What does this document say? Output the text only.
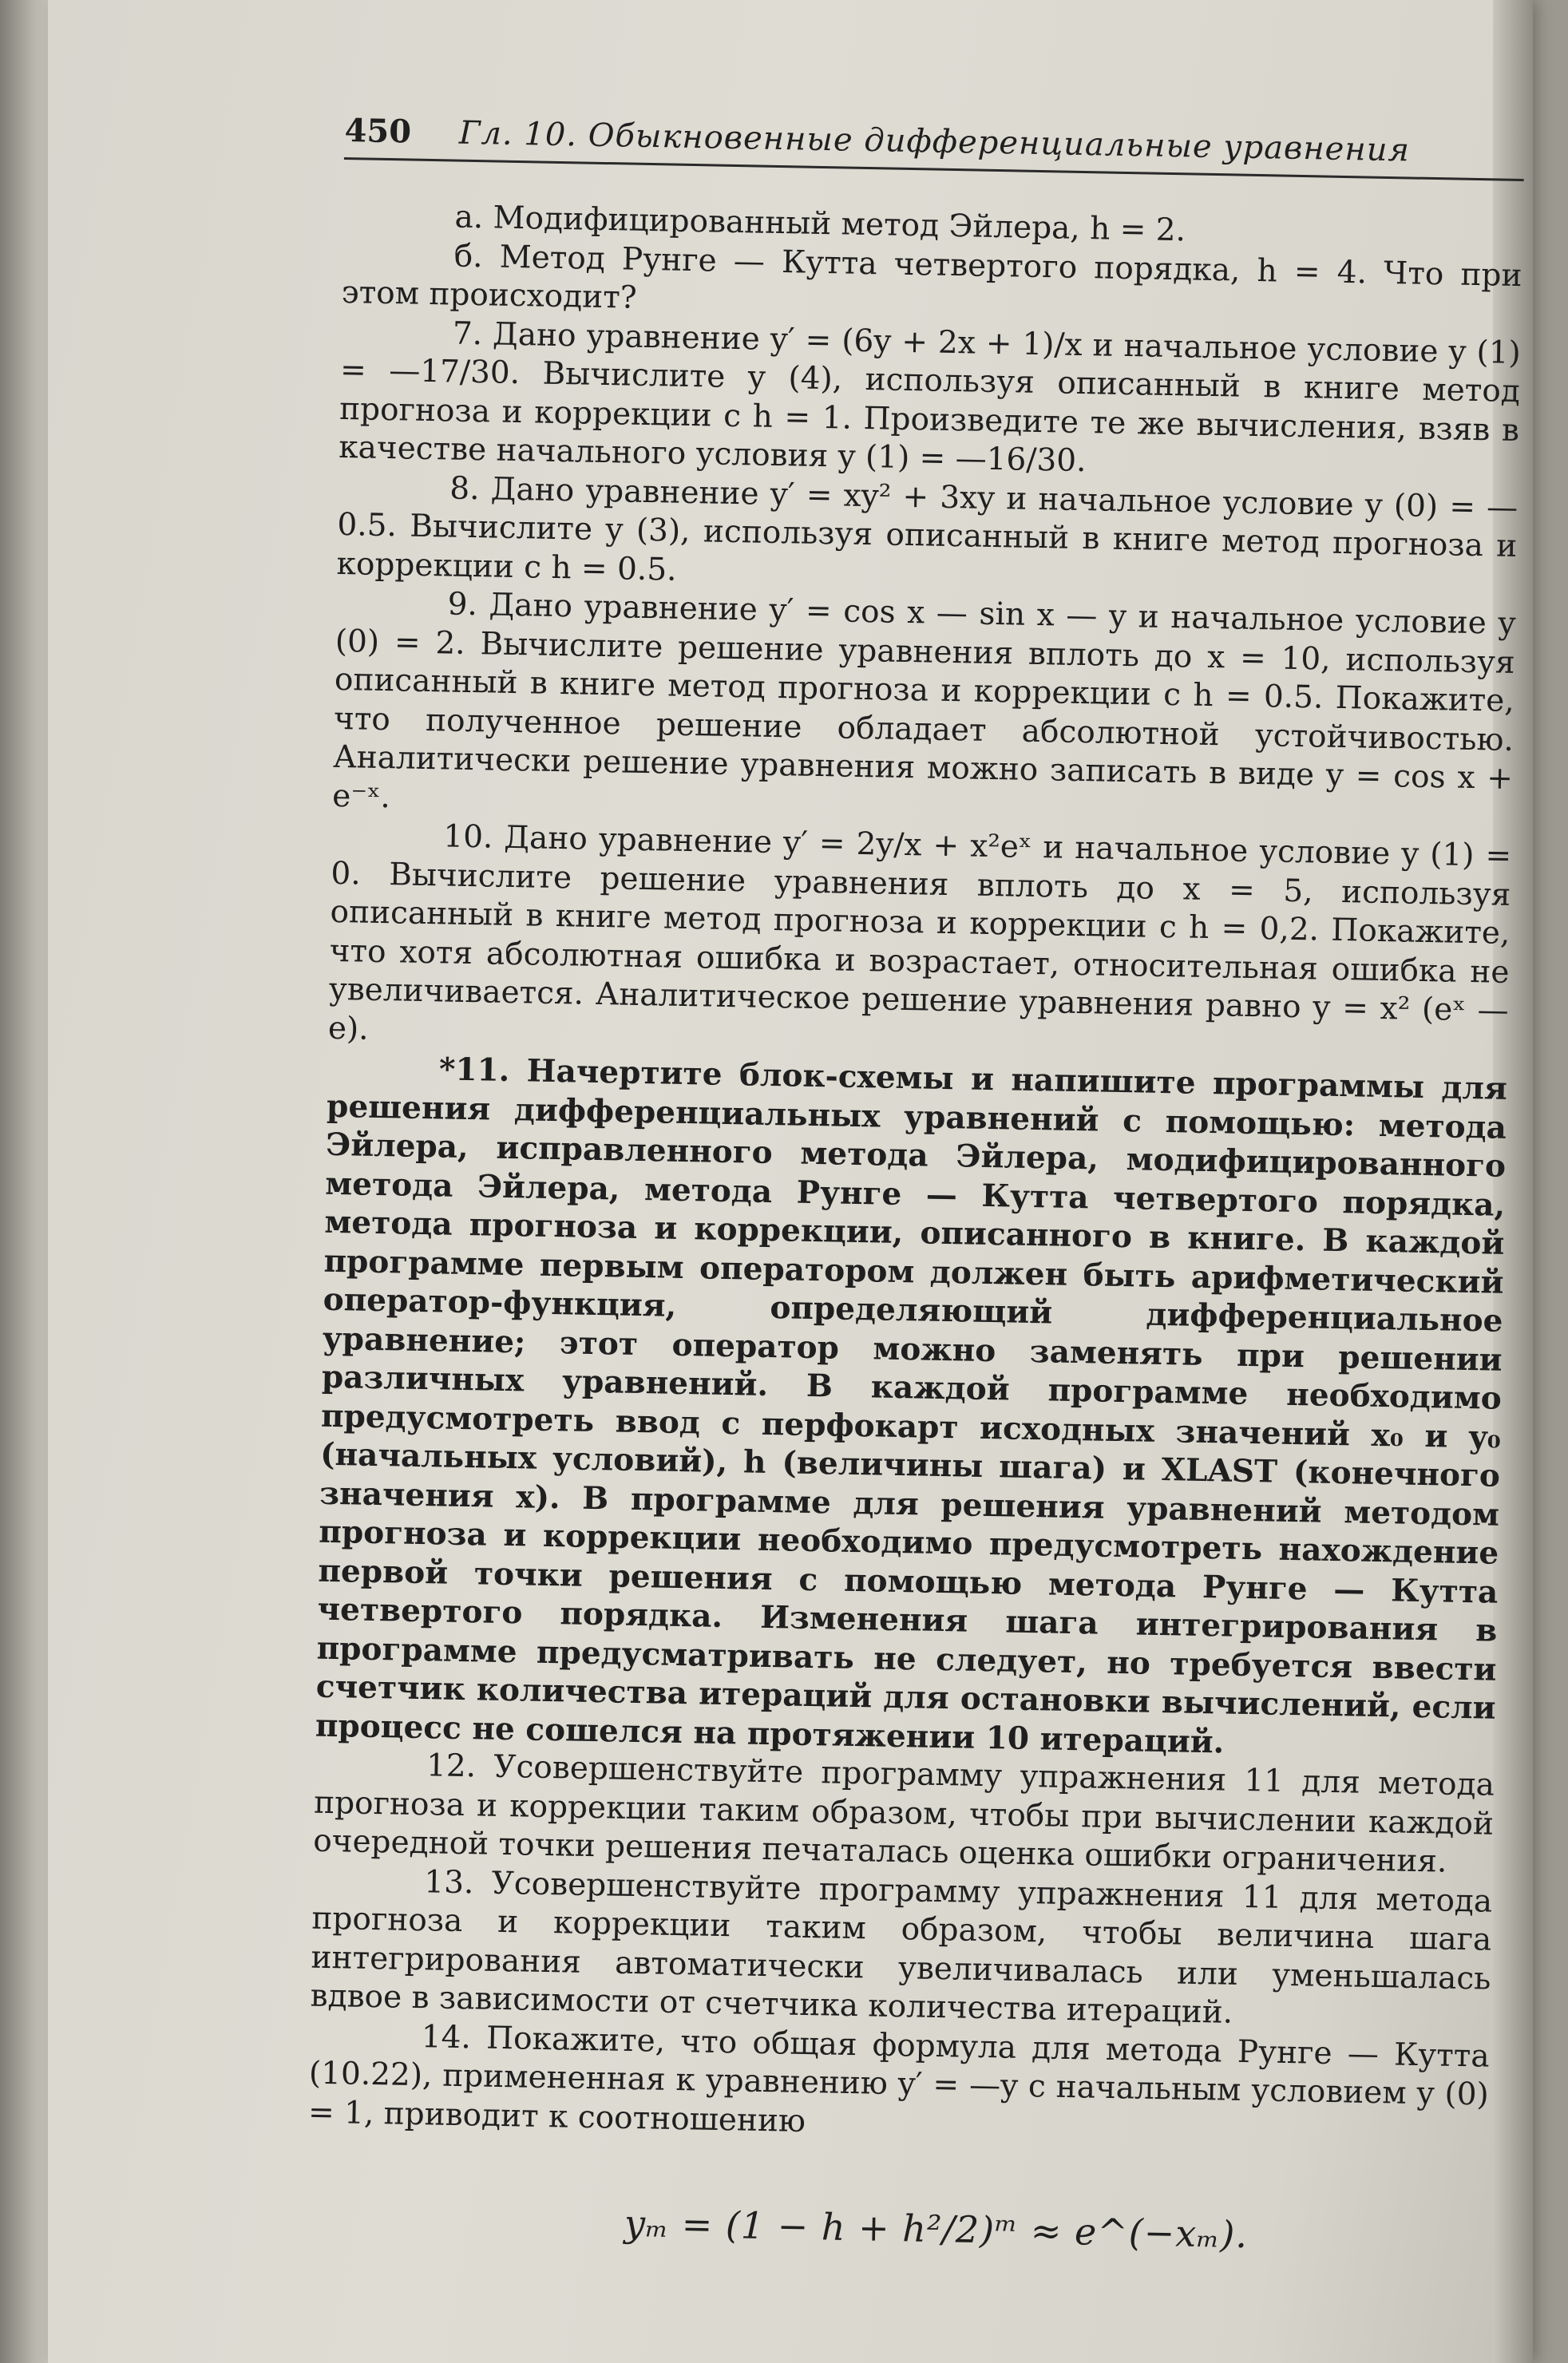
450 Гл. 10. Обыкновенные дифференциальные уравнения

а. Модифицированный метод Эйлера, h = 2.

б. Метод Рунге — Кутта четвертого порядка, h = 4. Что при этом происходит?

7. Дано уравнение y′ = (6y + 2x + 1)/x и начальное условие y (1) = —17/30. Вычислите y (4), используя описанный в книге метод прогноза и коррекции с h = 1. Произведите те же вычисления, взяв в качестве начального условия y (1) = —16/30.

8. Дано уравнение y′ = xy² + 3xy и начальное условие y (0) = —0.5. Вычислите y (3), используя описанный в книге метод прогноза и коррекции с h = 0.5.

9. Дано уравнение y′ = cos x — sin x — y и начальное условие y (0) = 2. Вычислите решение уравнения вплоть до x = 10, используя описанный в книге метод прогноза и коррекции с h = 0.5. Покажите, что полученное решение обладает абсолютной устойчивостью. Аналитически решение уравнения можно записать в виде y = cos x + e⁻ˣ.

10. Дано уравнение y′ = 2y/x + x²eˣ и начальное условие y (1) = 0. Вычислите решение уравнения вплоть до x = 5, используя описанный в книге метод прогноза и коррекции с h = 0,2. Покажите, что хотя абсолютная ошибка и возрастает, относительная ошибка не увеличивается. Аналитическое решение уравнения равно y = x² (eˣ — e).

*11. Начертите блок-схемы и напишите программы для решения дифференциальных уравнений с помощью: метода Эйлера, исправленного метода Эйлера, модифицированного метода Эйлера, метода Рунге — Кутта четвертого порядка, метода прогноза и коррекции, описанного в книге. В каждой программе первым оператором должен быть арифметический оператор-функция, определяющий дифференциальное уравнение; этот оператор можно заменять при решении различных уравнений. В каждой программе необходимо предусмотреть ввод с перфокарт исходных значений x₀ и y₀ (начальных условий), h (величины шага) и XLAST (конечного значения x). В программе для решения уравнений методом прогноза и коррекции необходимо предусмотреть нахождение первой точки решения с помощью метода Рунге — Кутта четвертого порядка. Изменения шага интегрирования в программе предусматривать не следует, но требуется ввести счетчик количества итераций для остановки вычислений, если процесс не сошелся на протяжении 10 итераций.

12. Усовершенствуйте программу упражнения 11 для метода прогноза и коррекции таким образом, чтобы при вычислении каждой очередной точки решения печаталась оценка ошибки ограничения.

13. Усовершенствуйте программу упражнения 11 для метода прогноза и коррекции таким образом, чтобы величина шага интегрирования автоматически увеличивалась или уменьшалась вдвое в зависимости от счетчика количества итераций.

14. Покажите, что общая формула для метода Рунге — Кутта (10.22), примененная к уравнению y′ = —y с начальным условием y (0) = 1, приводит к соотношению

yₘ = (1 − h + h²/2)ᵐ ≈ e^(−xₘ).
